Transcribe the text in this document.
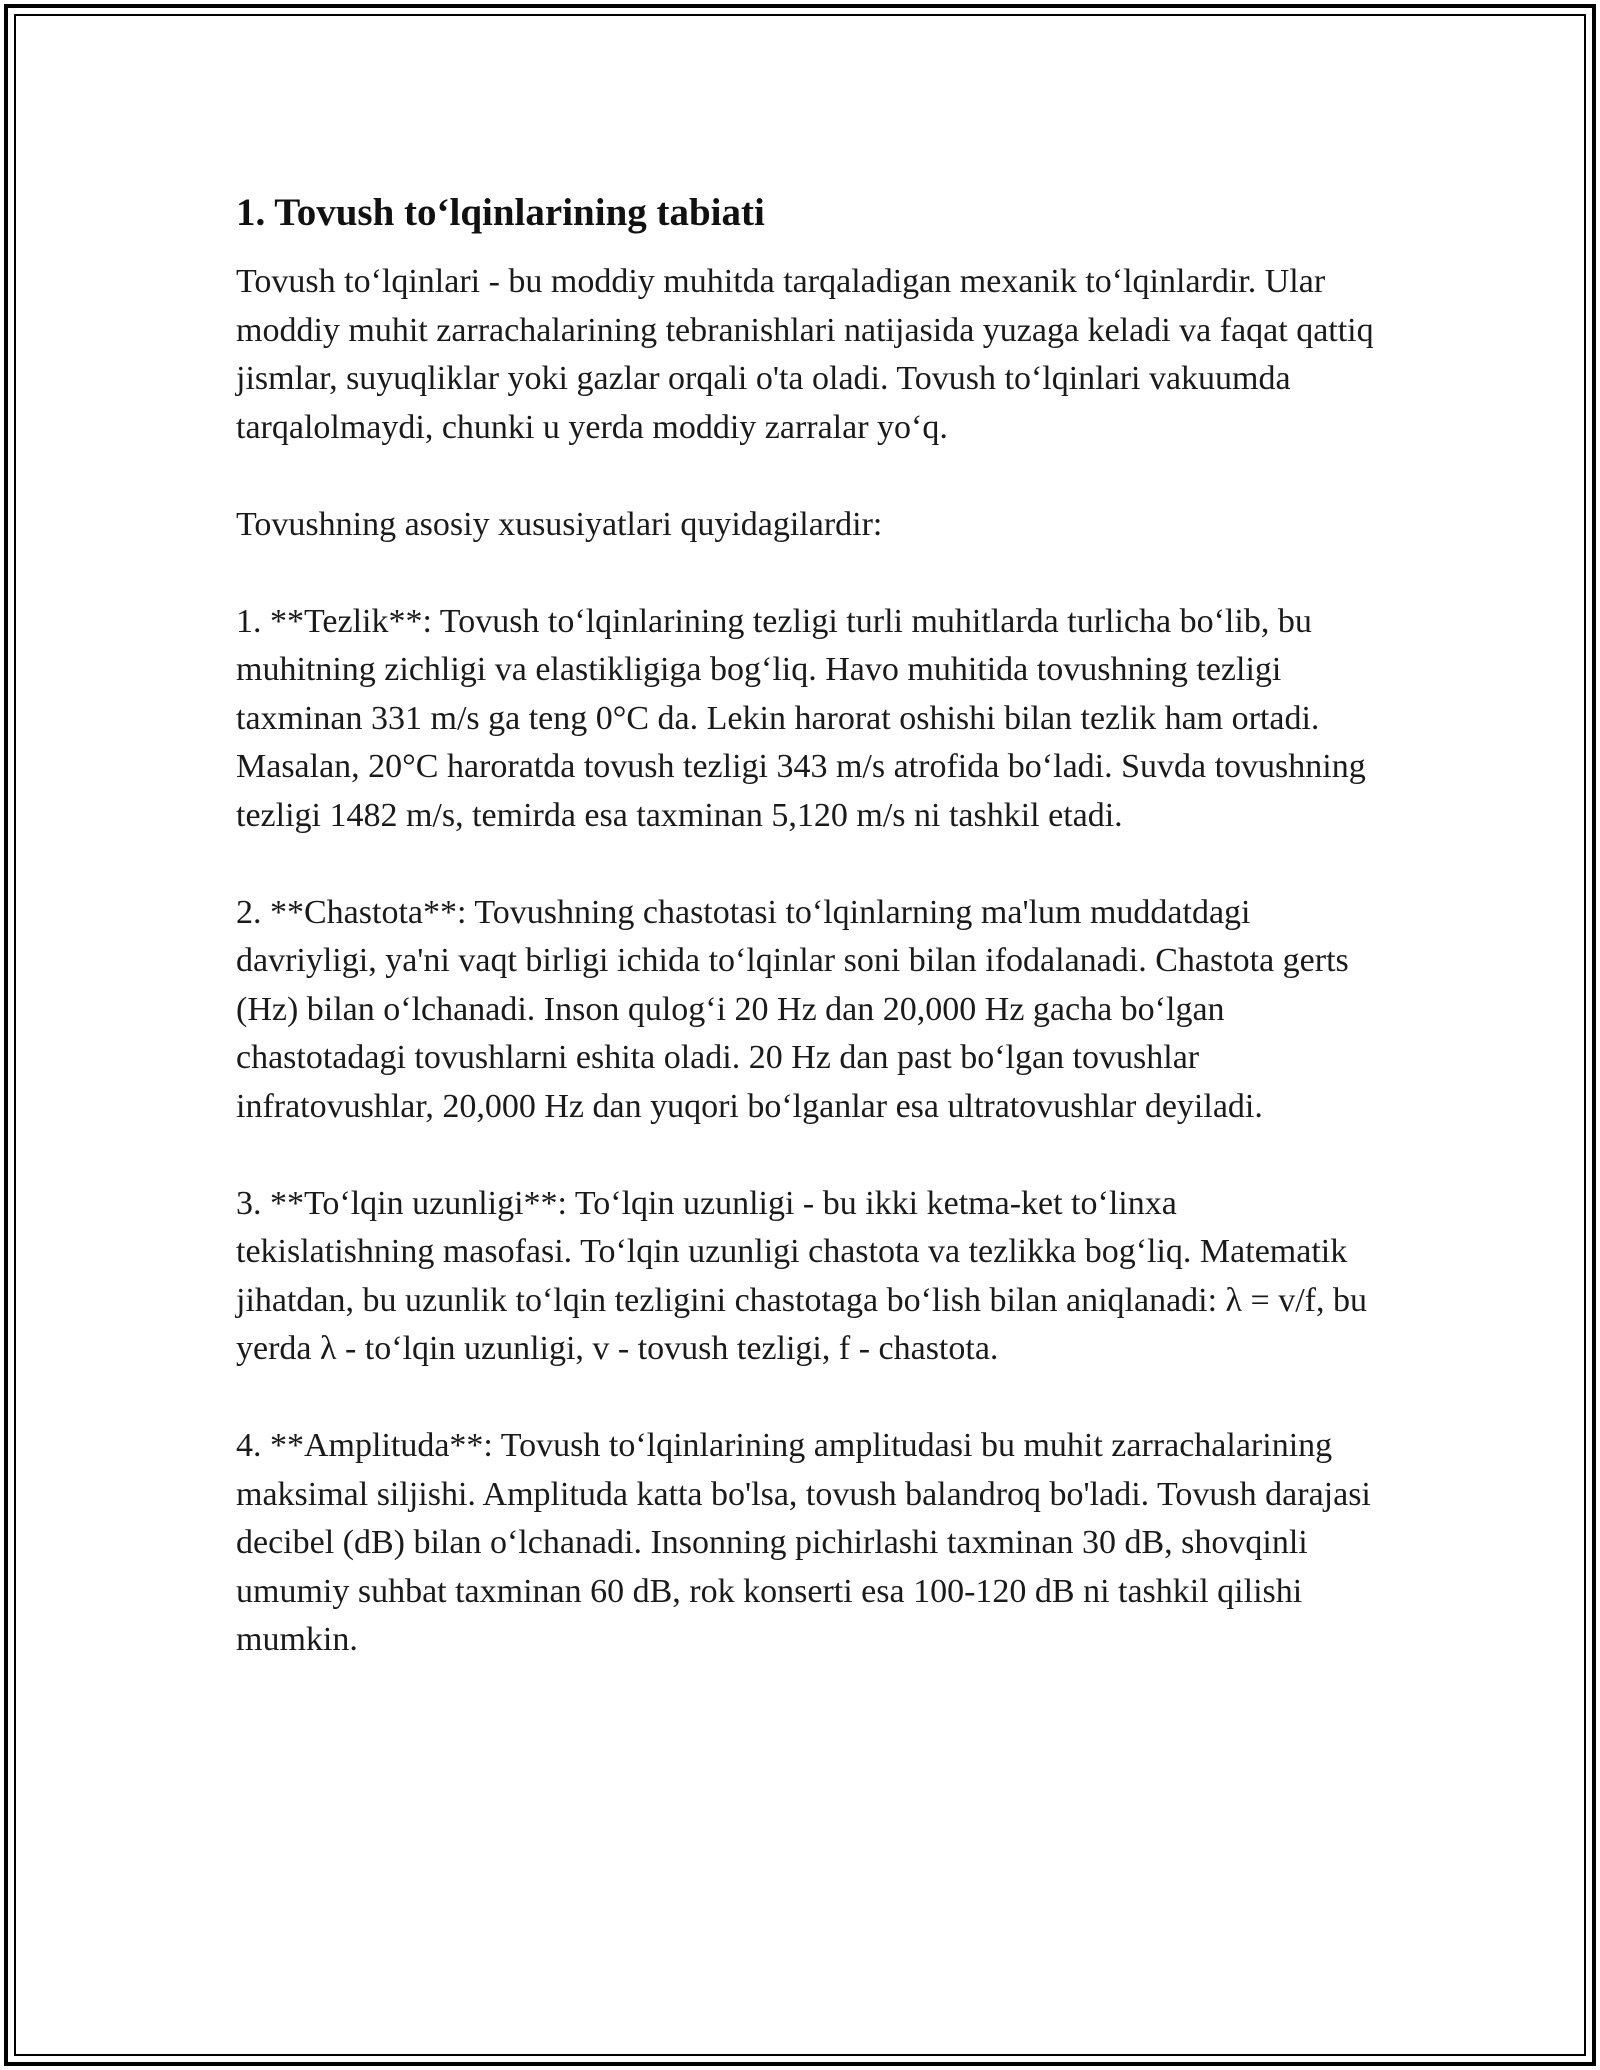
1. Tovush to‘lqinlarining tabiati

Tovush to‘lqinlari - bu moddiy muhitda tarqaladigan mexanik to‘lqinlardir. Ular moddiy muhit zarrachalarining tebranishlari natijasida yuzaga keladi va faqat qattiq jismlar, suyuqliklar yoki gazlar orqali o'ta oladi. Tovush to‘lqinlari vakuumda tarqalolmaydi, chunki u yerda moddiy zarralar yo‘q.

Tovushning asosiy xususiyatlari quyidagilardir:

1. **Tezlik**: Tovush to‘lqinlarining tezligi turli muhitlarda turlicha bo‘lib, bu muhitning zichligi va elastikligiga bog‘liq. Havo muhitida tovushning tezligi taxminan 331 m/s ga teng 0°C da. Lekin harorat oshishi bilan tezlik ham ortadi. Masalan, 20°C haroratda tovush tezligi 343 m/s atrofida bo‘ladi. Suvda tovushning tezligi 1482 m/s, temirda esa taxminan 5,120 m/s ni tashkil etadi.

2. **Chastota**: Tovushning chastotasi to‘lqinlarning ma'lum muddatdagi davriyligi, ya'ni vaqt birligi ichida to‘lqinlar soni bilan ifodalanadi. Chastota gerts (Hz) bilan o‘lchanadi. Inson qulog‘i 20 Hz dan 20,000 Hz gacha bo‘lgan chastotadagi tovushlarni eshita oladi. 20 Hz dan past bo‘lgan tovushlar infratovushlar, 20,000 Hz dan yuqori bo‘lganlar esa ultratovushlar deyiladi.

3. **To‘lqin uzunligi**: To‘lqin uzunligi - bu ikki ketma-ket to‘linxa tekislatishning masofasi. To‘lqin uzunligi chastota va tezlikka bog‘liq. Matematik jihatdan, bu uzunlik to‘lqin tezligini chastotaga bo‘lish bilan aniqlanadi: λ = v/f, bu yerda λ - to‘lqin uzunligi, v - tovush tezligi, f - chastota.

4. **Amplituda**: Tovush to‘lqinlarining amplitudasi bu muhit zarrachalarining maksimal siljishi. Amplituda katta bo'lsa, tovush balandroq bo'ladi. Tovush darajasi decibel (dB) bilan o‘lchanadi. Insonning pichirlashi taxminan 30 dB, shovqinli umumiy suhbat taxminan 60 dB, rok konserti esa 100-120 dB ni tashkil qilishi mumkin.
